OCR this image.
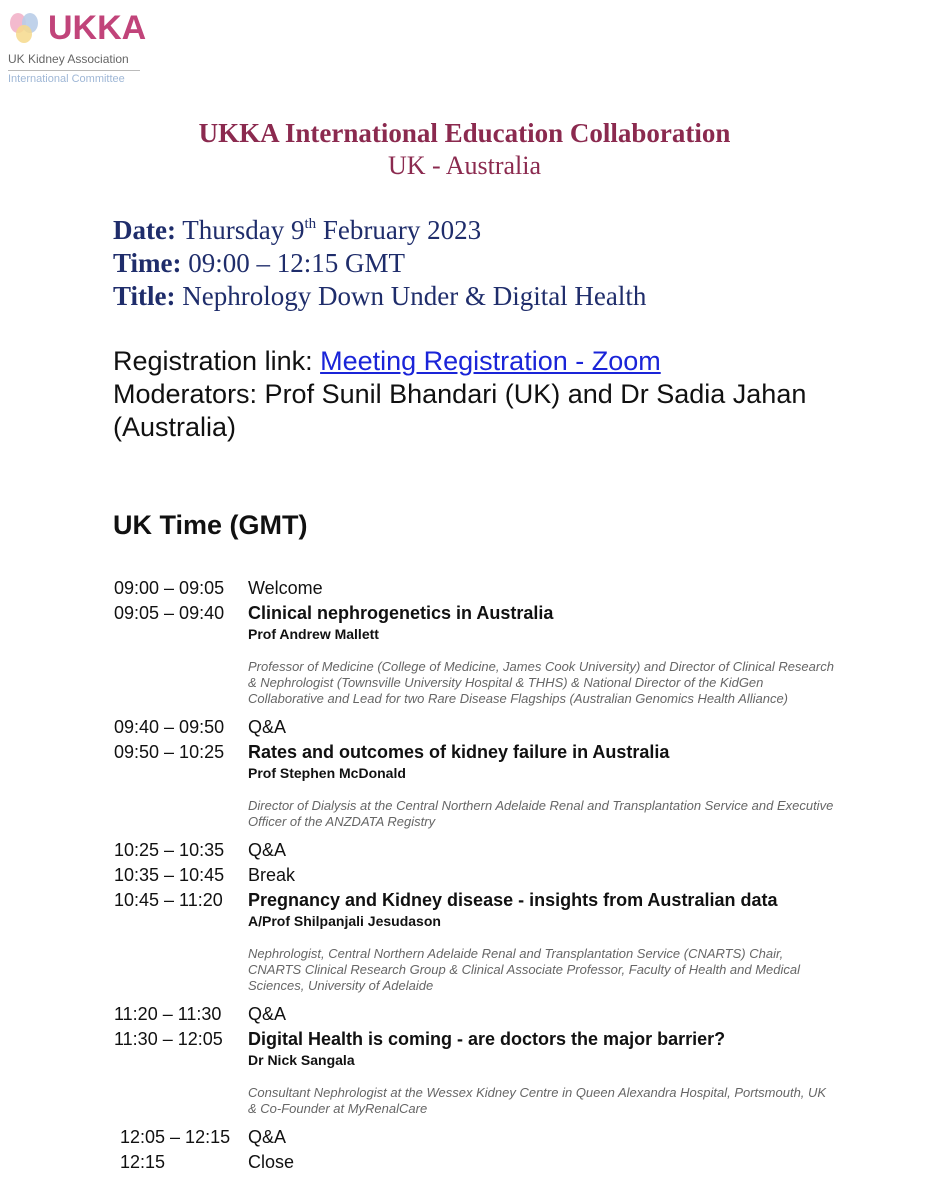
UKKA
UK Kidney Association
International Committee
UKKA International Education Collaboration
UK - Australia
Date: Thursday 9th February 2023
Time: 09:00 – 12:15 GMT
Title: Nephrology Down Under & Digital Health
Registration link: Meeting Registration - Zoom
Moderators: Prof Sunil Bhandari (UK) and Dr Sadia Jahan (Australia)
UK Time (GMT)
09:00 – 09:05	Welcome
09:05 – 09:40	Clinical nephrogenetics in Australia
Prof Andrew Mallett
Professor of Medicine (College of Medicine, James Cook University) and Director of Clinical Research & Nephrologist (Townsville University Hospital & THHS) & National Director of the KidGen Collaborative and Lead for two Rare Disease Flagships (Australian Genomics Health Alliance)
09:40 – 09:50	Q&A
09:50 – 10:25	Rates and outcomes of kidney failure in Australia
Prof Stephen McDonald
Director of Dialysis at the Central Northern Adelaide Renal and Transplantation Service and Executive Officer of the ANZDATA Registry
10:25 – 10:35	Q&A
10:35 – 10:45	Break
10:45 – 11:20	Pregnancy and Kidney disease - insights from Australian data
A/Prof Shilpanjali Jesudason
Nephrologist, Central Northern Adelaide Renal and Transplantation Service (CNARTS) Chair, CNARTS Clinical Research Group & Clinical Associate Professor, Faculty of Health and Medical Sciences, University of Adelaide
11:20 – 11:30	Q&A
11:30 – 12:05	Digital Health is coming - are doctors the major barrier?
Dr Nick Sangala
Consultant Nephrologist at the Wessex Kidney Centre in Queen Alexandra Hospital, Portsmouth, UK & Co-Founder at MyRenalCare
12:05 – 12:15 Q&A
12:15	Close
